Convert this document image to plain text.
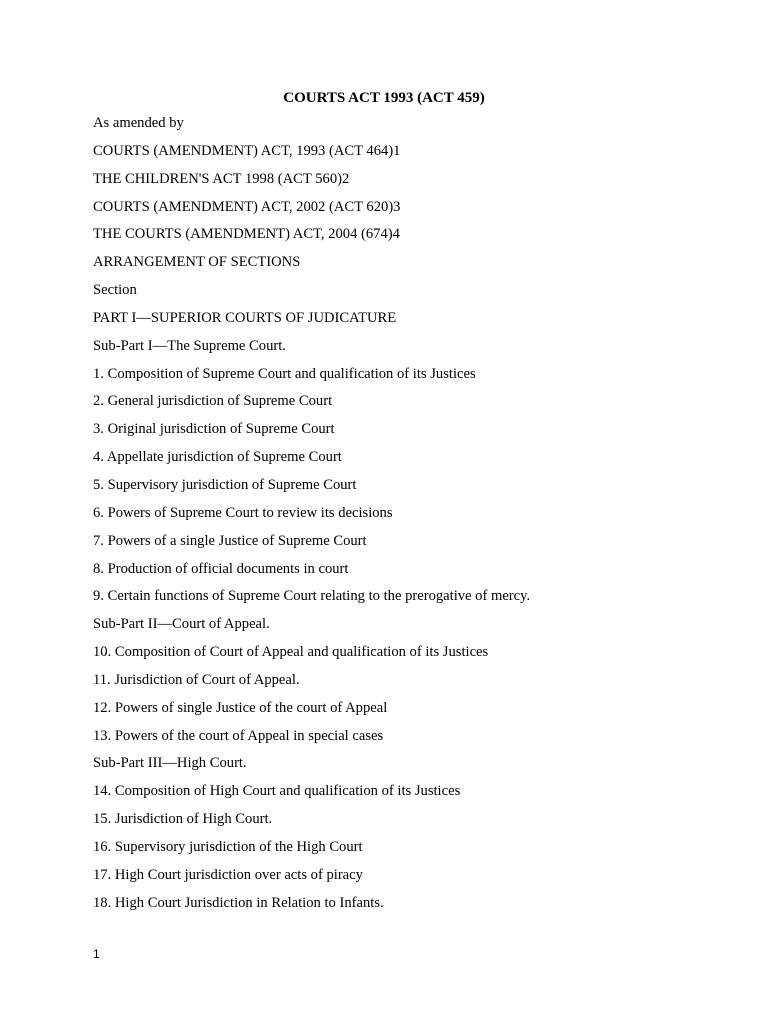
COURTS ACT 1993 (ACT 459)
As amended by
COURTS (AMENDMENT) ACT, 1993 (ACT 464)1
THE CHILDREN'S ACT 1998 (ACT 560)2
COURTS (AMENDMENT) ACT, 2002 (ACT 620)3
THE COURTS (AMENDMENT) ACT, 2004 (674)4
ARRANGEMENT OF SECTIONS
Section
PART I—SUPERIOR COURTS OF JUDICATURE
Sub-Part I—The Supreme Court.
1. Composition of Supreme Court and qualification of its Justices
2. General jurisdiction of Supreme Court
3. Original jurisdiction of Supreme Court
4. Appellate jurisdiction of Supreme Court
5. Supervisory jurisdiction of Supreme Court
6. Powers of Supreme Court to review its decisions
7. Powers of a single Justice of Supreme Court
8. Production of official documents in court
9. Certain functions of Supreme Court relating to the prerogative of mercy.
Sub-Part II—Court of Appeal.
10. Composition of Court of Appeal and qualification of its Justices
11. Jurisdiction of Court of Appeal.
12. Powers of single Justice of the court of Appeal
13. Powers of the court of Appeal in special cases
Sub-Part III—High Court.
14. Composition of High Court and qualification of its Justices
15. Jurisdiction of High Court.
16. Supervisory jurisdiction of the High Court
17. High Court jurisdiction over acts of piracy
18. High Court Jurisdiction in Relation to Infants.
1
